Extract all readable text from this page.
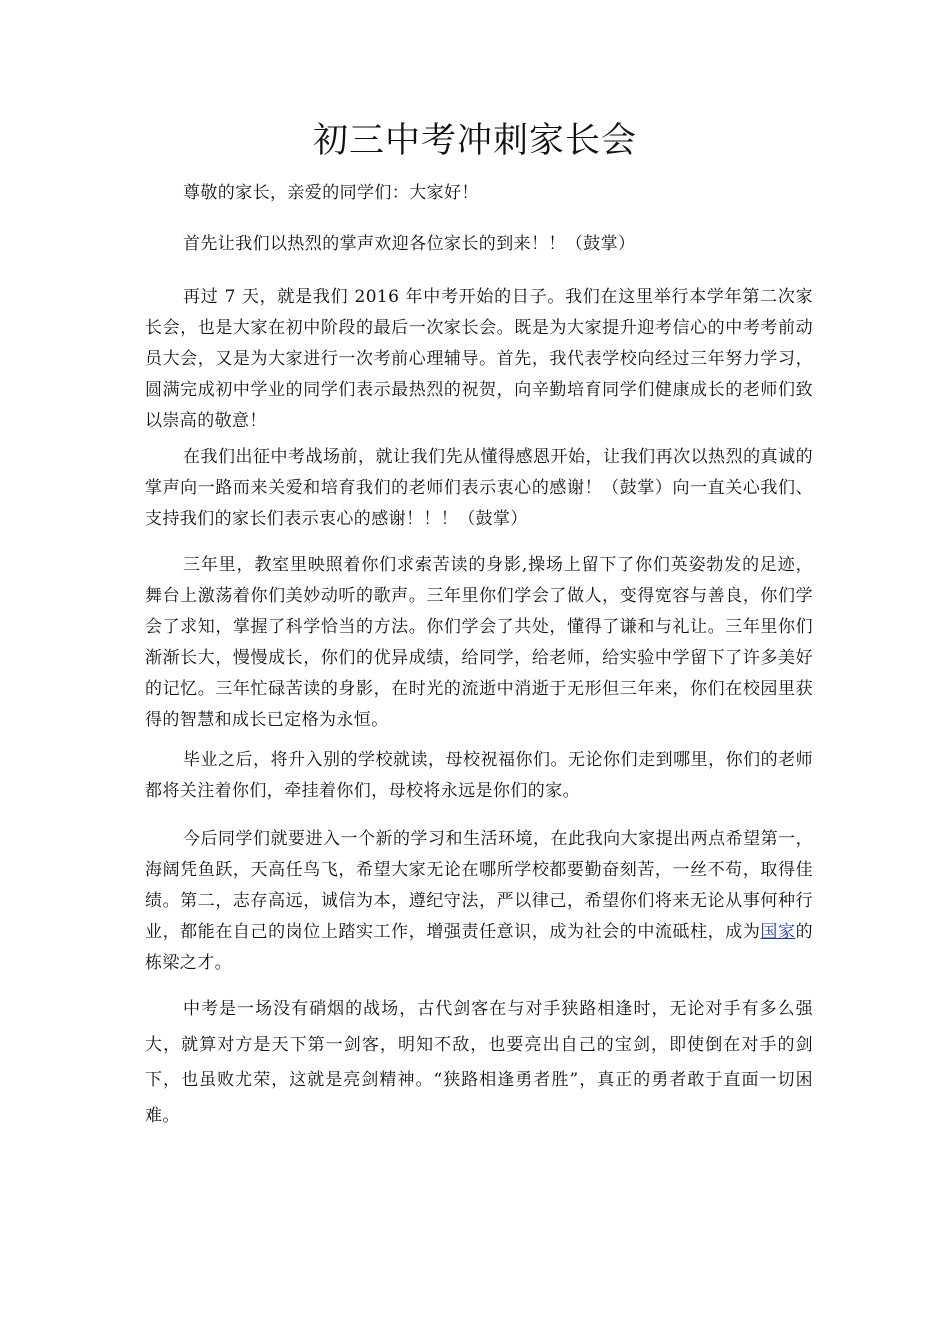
初三中考冲刺家长会

尊敬的家长，亲爱的同学们：大家好！

首先让我们以热烈的掌声欢迎各位家长的到来！！（鼓掌）

再过 7 天，就是我们 2016 年中考开始的日子。我们在这里举行本学年第二次家长会，也是大家在初中阶段的最后一次家长会。既是为大家提升迎考信心的中考考前动员大会，又是为大家进行一次考前心理辅导。首先，我代表学校向经过三年努力学习，圆满完成初中学业的同学们表示最热烈的祝贺，向辛勤培育同学们健康成长的老师们致以崇高的敬意！

在我们出征中考战场前，就让我们先从懂得感恩开始，让我们再次以热烈的真诚的掌声向一路而来关爱和培育我们的老师们表示衷心的感谢！（鼓掌）向一直关心我们、支持我们的家长们表示衷心的感谢！！！（鼓掌）

三年里，教室里映照着你们求索苦读的身影,操场上留下了你们英姿勃发的足迹，舞台上激荡着你们美妙动听的歌声。三年里你们学会了做人，变得宽容与善良，你们学会了求知，掌握了科学恰当的方法。你们学会了共处，懂得了谦和与礼让。三年里你们渐渐长大，慢慢成长，你们的优异成绩，给同学，给老师，给实验中学留下了许多美好的记忆。三年忙碌苦读的身影，在时光的流逝中消逝于无形但三年来，你们在校园里获得的智慧和成长已定格为永恒。

毕业之后，将升入别的学校就读，母校祝福你们。无论你们走到哪里，你们的老师都将关注着你们，牵挂着你们，母校将永远是你们的家。

今后同学们就要进入一个新的学习和生活环境，在此我向大家提出两点希望第一，海阔凭鱼跃，天高任鸟飞，希望大家无论在哪所学校都要勤奋刻苦，一丝不苟，取得佳绩。第二，志存高远，诚信为本，遵纪守法，严以律己，希望你们将来无论从事何种行业，都能在自己的岗位上踏实工作，增强责任意识，成为社会的中流砥柱，成为国家的栋梁之才。

中考是一场没有硝烟的战场，古代剑客在与对手狭路相逢时，无论对手有多么强大，就算对方是天下第一剑客，明知不敌，也要亮出自己的宝剑，即使倒在对手的剑下，也虽败尤荣，这就是亮剑精神。“狭路相逢勇者胜”，真正的勇者敢于直面一切困难。
